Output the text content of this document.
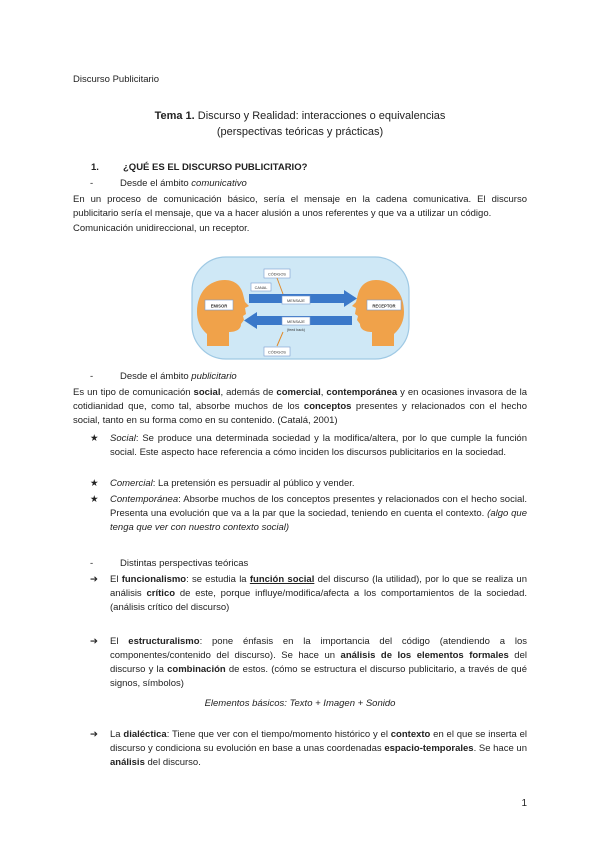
Discurso Publicitario
Tema 1. Discurso y Realidad: interacciones o equivalencias
(perspectivas teóricas y prácticas)
1.	¿QUÉ ES EL DISCURSO PUBLICITARIO?
-	Desde el ámbito comunicativo
En un proceso de comunicación básico, sería el mensaje en la cadena comunicativa. El discurso publicitario sería el mensaje, que va a hacer alusión a unos referentes y que va a utilizar un código.
Comunicación unidireccional, un receptor.
EMISOR	RECEPTOR
CÓDIGOS
CANAL
MENSAJE
MENSAJE
(feed back)
CÓDIGOS
-	Desde el ámbito publicitario
Es un tipo de comunicación social, además de comercial, contemporánea y en ocasiones invasora de la cotidianidad que, como tal, absorbe muchos de los conceptos presentes y relacionados con el hecho social, tanto en su forma como en su contenido. (Catalá, 2001)
★ Social: Se produce una determinada sociedad y la modifica/altera, por lo que cumple la función social. Este aspecto hace referencia a cómo inciden los discursos publicitarios en la sociedad.
★ Comercial: La pretensión es persuadir al público y vender.
★ Contemporánea: Absorbe muchos de los conceptos presentes y relacionados con el hecho social. Presenta una evolución que va a la par que la sociedad, teniendo en cuenta el contexto. (algo que tenga que ver con nuestro contexto social)
-	Distintas perspectivas teóricas
➔ El funcionalismo: se estudia la función social del discurso (la utilidad), por lo que se realiza un análisis crítico de este, porque influye/modifica/afecta a los comportamientos de la sociedad. (análisis crítico del discurso)
➔ El estructuralismo: pone énfasis en la importancia del código (atendiendo a los componentes/contenido del discurso). Se hace un análisis de los elementos formales del discurso y la combinación de estos. (cómo se estructura el discurso publicitario, a través de qué signos, símbolos)
Elementos básicos: Texto + Imagen + Sonido
➔ La dialéctica: Tiene que ver con el tiempo/momento histórico y el contexto en el que se inserta el discurso y condiciona su evolución en base a unas coordenadas espacio-temporales. Se hace un análisis del discurso.
1
